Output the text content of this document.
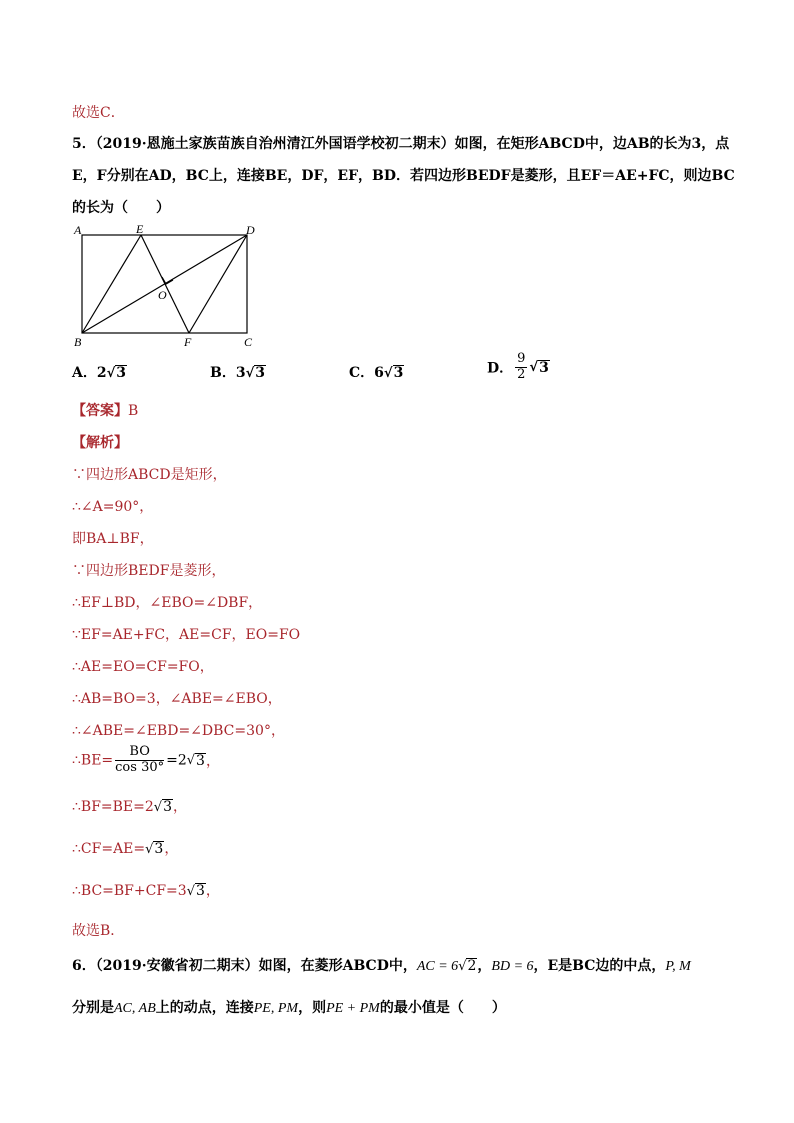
故选C．
5．（2019·恩施土家族苗族自治州清江外国语学校初二期末）如图，在矩形ABCD中，边AB的长为3，点
E，F分别在AD，BC上，连接BE，DF，EF，BD．若四边形BEDF是菱形，且EF＝AE+FC，则边BC
的长为（　　）
A	E	D
O
B	F	C
A．2√3	B．3√3	C．6√3	D． $\frac{9}{2} √3$
【答案】B
【解析】
∵四边形ABCD是矩形，
∴∠A=90°，
即BA⊥BF，
∵四边形BEDF是菱形，
∴EF⊥BD，∠EBO=∠DBF，
∵EF=AE+FC，AE=CF，EO=FO
∴AE=EO=CF=FO，
∴AB=BO=3，∠ABE=∠EBO，
∴∠ABE=∠EBD=∠DBC=30°，
∴BE= $\frac{BO}{\cos 30^\circ} =2√3$，
∴BF=BE=2√3，
∴CF=AE=√3，
∴BC=BF+CF=3√3，
故选B．
6．（2019·安徽省初二期末）如图，在菱形ABCD中，AC = 6√2，BD = 6，E是BC边的中点，P, M
分别是AC, AB上的动点，连接PE, PM，则PE + PM的最小值是（　　）
